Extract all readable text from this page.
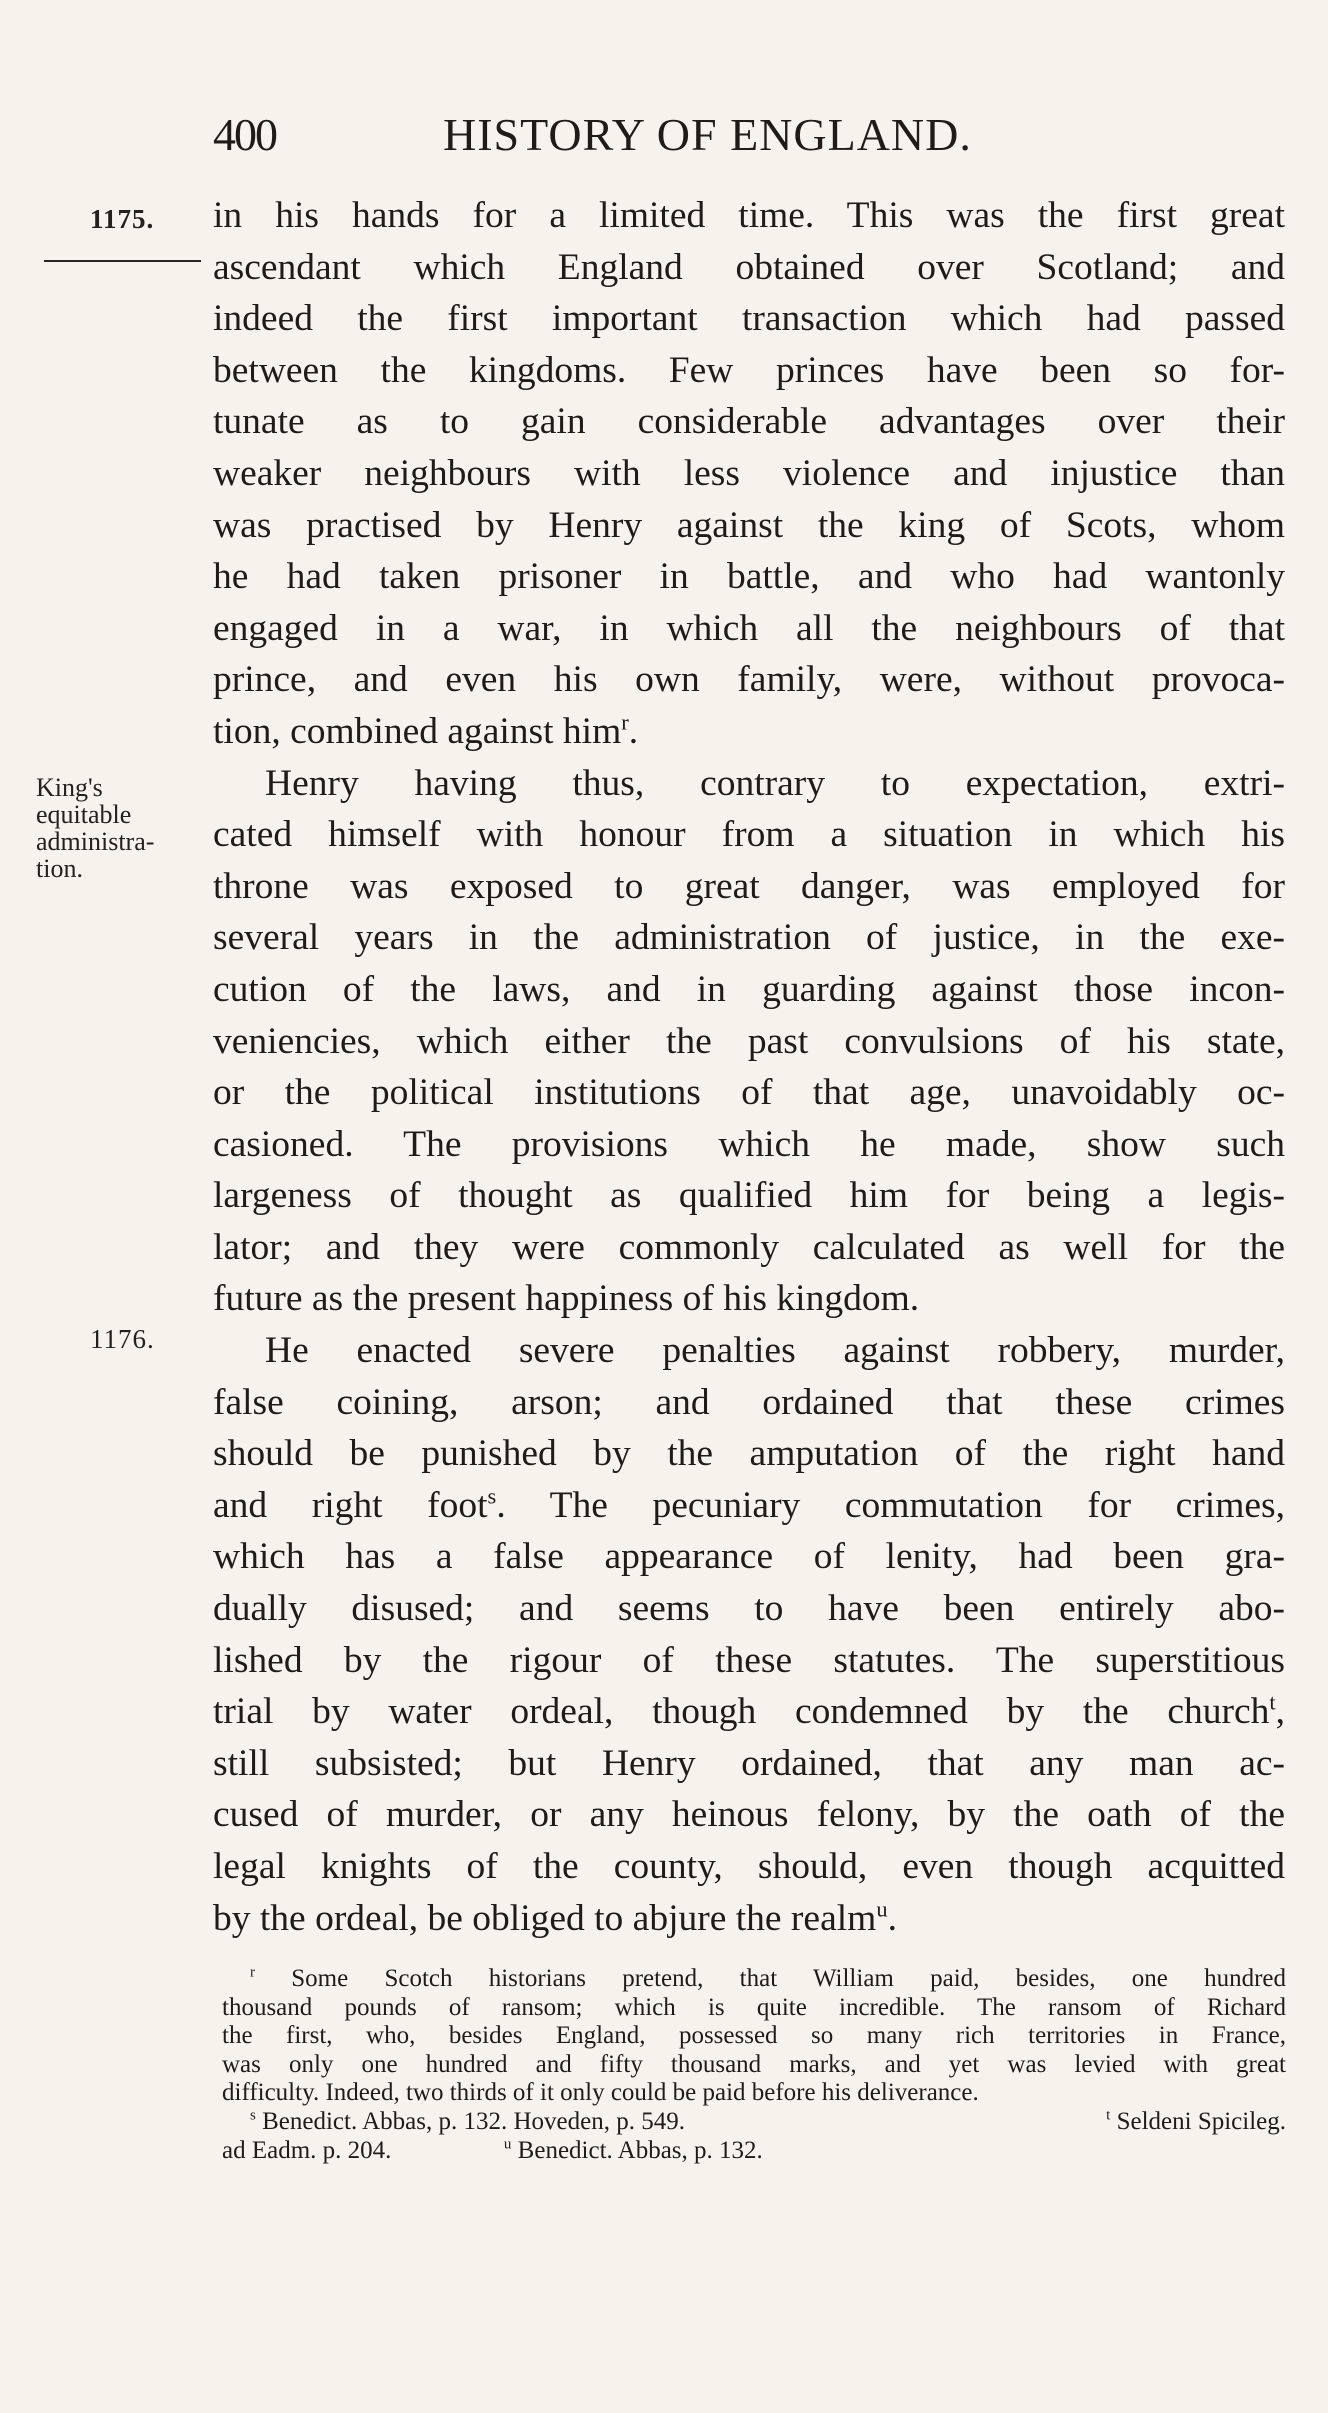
400	HISTORY OF ENGLAND.
1175.
King's
equitable
administra-
tion.
1176.
in his hands for a limited time. This was the first great
ascendant which England obtained over Scotland; and
indeed the first important transaction which had passed
between the kingdoms. Few princes have been so for-
tunate as to gain considerable advantages over their
weaker neighbours with less violence and injustice than
was practised by Henry against the king of Scots, whom
he had taken prisoner in battle, and who had wantonly
engaged in a war, in which all the neighbours of that
prince, and even his own family, were, without provoca-
tion, combined against him$^r$.
Henry having thus, contrary to expectation, extri-
cated himself with honour from a situation in which his
throne was exposed to great danger, was employed for
several years in the administration of justice, in the exe-
cution of the laws, and in guarding against those incon-
veniencies, which either the past convulsions of his state,
or the political institutions of that age, unavoidably oc-
casioned. The provisions which he made, show such
largeness of thought as qualified him for being a legis-
lator; and they were commonly calculated as well for the
future as the present happiness of his kingdom.
He enacted severe penalties against robbery, murder,
false coining, arson; and ordained that these crimes
should be punished by the amputation of the right hand
and right foot$^s$. The pecuniary commutation for crimes,
which has a false appearance of lenity, had been gra-
dually disused; and seems to have been entirely abo-
lished by the rigour of these statutes. The superstitious
trial by water ordeal, though condemned by the church$^t$,
still subsisted; but Henry ordained, that any man ac-
cused of murder, or any heinous felony, by the oath of the
legal knights of the county, should, even though acquitted
by the ordeal, be obliged to abjure the realm$^u$.
$^r$ Some Scotch historians pretend, that William paid, besides, one hundred
thousand pounds of ransom; which is quite incredible. The ransom of Richard
the first, who, besides England, possessed so many rich territories in France,
was only one hundred and fifty thousand marks, and yet was levied with great
difficulty. Indeed, two thirds of it only could be paid before his deliverance.
$^s$ Benedict. Abbas, p. 132. Hoveden, p. 549.	$^t$ Seldeni Spicileg.
ad Eadm. p. 204.	$^u$ Benedict. Abbas, p. 132.
